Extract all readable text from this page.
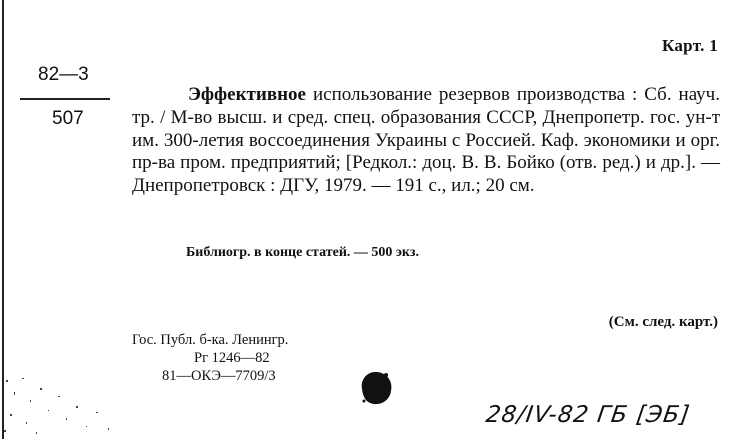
Карт. 1
82—3
507
Эффективное использование резервов производства : Сб. науч. тр. / М-во высш. и сред. спец. образования СССР, Днепропетр. гос. ун-т им. 300-летия воссоединения Украины с Россией. Каф. экономики и орг. пр-ва пром. предприятий; [Редкол.: доц. В. В. Бойко (отв. ред.) и др.]. — Днепропетровск : ДГУ, 1979. — 191 с., ил.; 20 см.
Библиогр. в конце статей. — 500 экз.
(См. след. карт.)
Гос. Публ. б-ка. Ленингр.
Рг 1246—82
81—ОКЭ—7709/3
28/IV-82 ГБ [ЭБ]
